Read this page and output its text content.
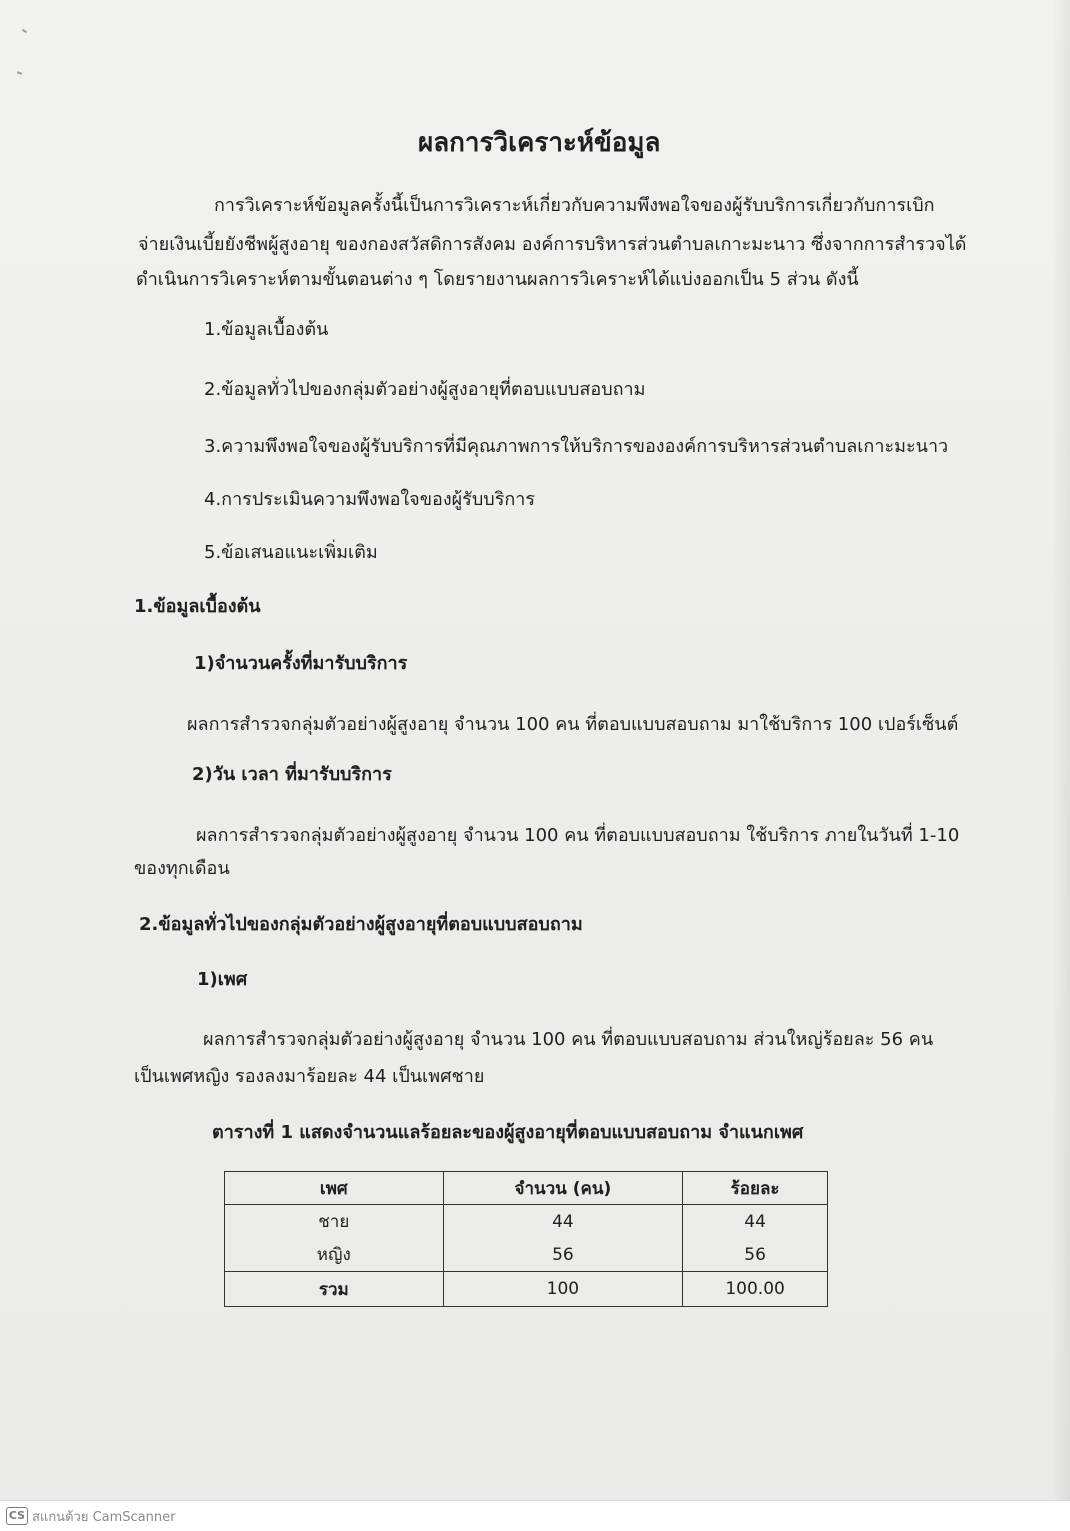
ผลการวิเคราะห์ข้อมูล
การวิเคราะห์ข้อมูลครั้งนี้เป็นการวิเคราะห์เกี่ยวกับความพึงพอใจของผู้รับบริการเกี่ยวกับการเบิก
จ่ายเงินเบี้ยยังชีพผู้สูงอายุ ของกองสวัสดิการสังคม องค์การบริหารส่วนตำบลเกาะมะนาว ซึ่งจากการสำรวจได้
ดำเนินการวิเคราะห์ตามขั้นตอนต่าง ๆ โดยรายงานผลการวิเคราะห์ได้แบ่งออกเป็น 5 ส่วน ดังนี้
1.ข้อมูลเบื้องต้น
2.ข้อมูลทั่วไปของกลุ่มตัวอย่างผู้สูงอายุที่ตอบแบบสอบถาม
3.ความพึงพอใจของผู้รับบริการที่มีคุณภาพการให้บริการขององค์การบริหารส่วนตำบลเกาะมะนาว
4.การประเมินความพึงพอใจของผู้รับบริการ
5.ข้อเสนอแนะเพิ่มเติม
1.ข้อมูลเบื้องต้น
1)จำนวนครั้งที่มารับบริการ
ผลการสำรวจกลุ่มตัวอย่างผู้สูงอายุ จำนวน 100 คน ที่ตอบแบบสอบถาม มาใช้บริการ 100 เปอร์เซ็นต์
2)วัน เวลา ที่มารับบริการ
ผลการสำรวจกลุ่มตัวอย่างผู้สูงอายุ จำนวน 100 คน ที่ตอบแบบสอบถาม ใช้บริการ ภายในวันที่ 1-10
ของทุกเดือน
2.ข้อมูลทั่วไปของกลุ่มตัวอย่างผู้สูงอายุที่ตอบแบบสอบถาม
1)เพศ
ผลการสำรวจกลุ่มตัวอย่างผู้สูงอายุ จำนวน 100 คน ที่ตอบแบบสอบถาม ส่วนใหญ่ร้อยละ 56 คน
เป็นเพศหญิง รองลงมาร้อยละ 44 เป็นเพศชาย
ตารางที่ 1 แสดงจำนวนแลร้อยละของผู้สูงอายุที่ตอบแบบสอบถาม จำแนกเพศ
เพศ	จำนวน (คน)	ร้อยละ
ชาย	44	44
หญิง	56	56
รวม	100	100.00
CS สแกนด้วย CamScanner
